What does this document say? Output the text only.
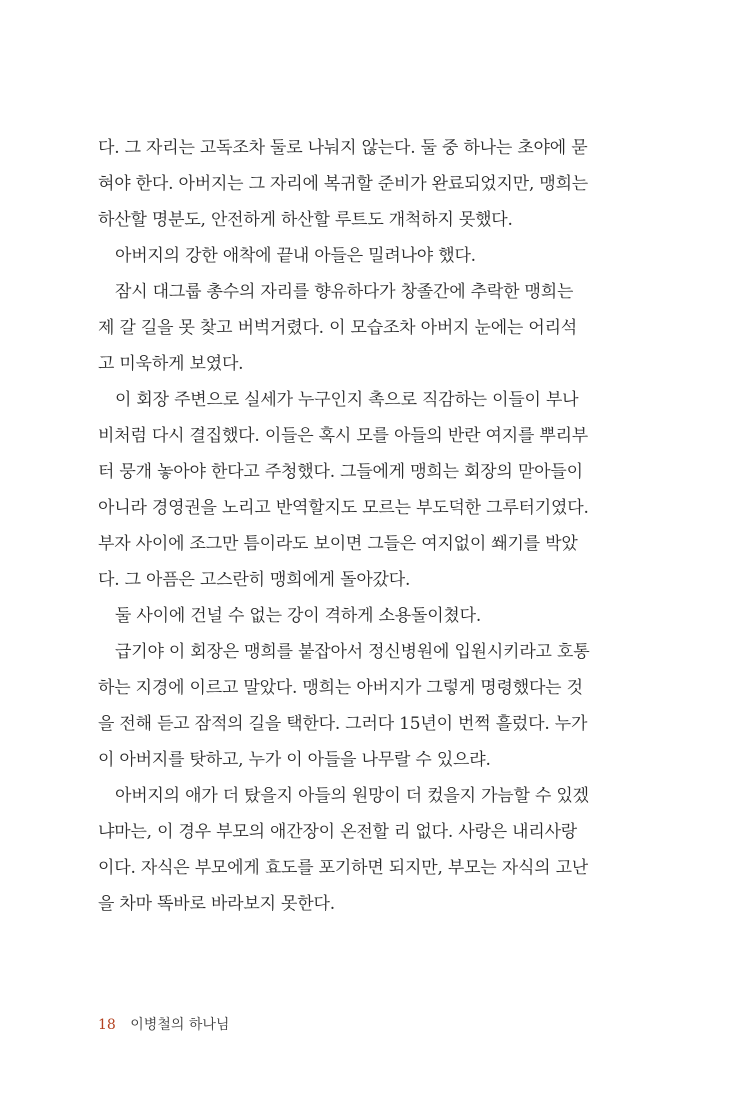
다. 그 자리는 고독조차 둘로 나눠지 않는다. 둘 중 하나는 초야에 묻
혀야 한다. 아버지는 그 자리에 복귀할 준비가 완료되었지만, 맹희는
하산할 명분도, 안전하게 하산할 루트도 개척하지 못했다.
아버지의 강한 애착에 끝내 아들은 밀려나야 했다.
잠시 대그룹 총수의 자리를 향유하다가 창졸간에 추락한 맹희는
제 갈 길을 못 찾고 버벅거렸다. 이 모습조차 아버지 눈에는 어리석
고 미욱하게 보였다.
이 회장 주변으로 실세가 누구인지 촉으로 직감하는 이들이 부나
비처럼 다시 결집했다. 이들은 혹시 모를 아들의 반란 여지를 뿌리부
터 뭉개 놓아야 한다고 주청했다. 그들에게 맹희는 회장의 맏아들이
아니라 경영권을 노리고 반역할지도 모르는 부도덕한 그루터기였다.
부자 사이에 조그만 틈이라도 보이면 그들은 여지없이 쐐기를 박았
다. 그 아픔은 고스란히 맹희에게 돌아갔다.
둘 사이에 건널 수 없는 강이 격하게 소용돌이쳤다.
급기야 이 회장은 맹희를 붙잡아서 정신병원에 입원시키라고 호통
하는 지경에 이르고 말았다. 맹희는 아버지가 그렇게 명령했다는 것
을 전해 듣고 잠적의 길을 택한다. 그러다 15년이 번쩍 흘렀다. 누가
이 아버지를 탓하고, 누가 이 아들을 나무랄 수 있으랴.
아버지의 애가 더 탔을지 아들의 원망이 더 컸을지 가늠할 수 있겠
냐마는, 이 경우 부모의 애간장이 온전할 리 없다. 사랑은 내리사랑
이다. 자식은 부모에게 효도를 포기하면 되지만, 부모는 자식의 고난
을 차마 똑바로 바라보지 못한다.
18 이병철의 하나님
